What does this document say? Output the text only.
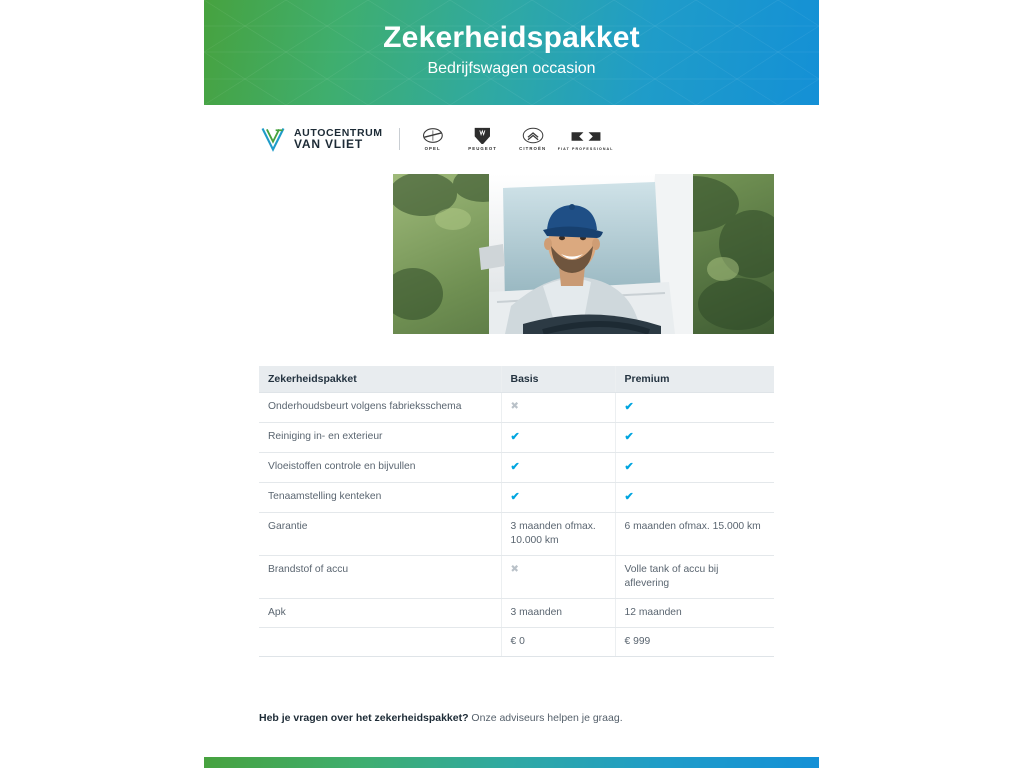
Zekerheidspakket
Bedrijfswagen occasion
AUTOCENTRUM
VAN VLIET	OPEL	PEUGEOT	CITROËN	FIAT PROFESSIONAL
Zekerheidspakket	Basis	Premium
Onderhoudsbeurt volgens fabrieksschema	✖	✔
Reiniging in- en exterieur	✔	✔
Vloeistoffen controle en bijvullen	✔	✔
Tenaamstelling kenteken	✔	✔
Garantie	3 maanden ofmax. 10.000 km	6 maanden ofmax. 15.000 km
Brandstof of accu	✖	Volle tank of accu bij aflevering
Apk	3 maanden	12 maanden
	€ 0	€ 999
Heb je vragen over het zekerheidspakket? Onze adviseurs helpen je graag.
